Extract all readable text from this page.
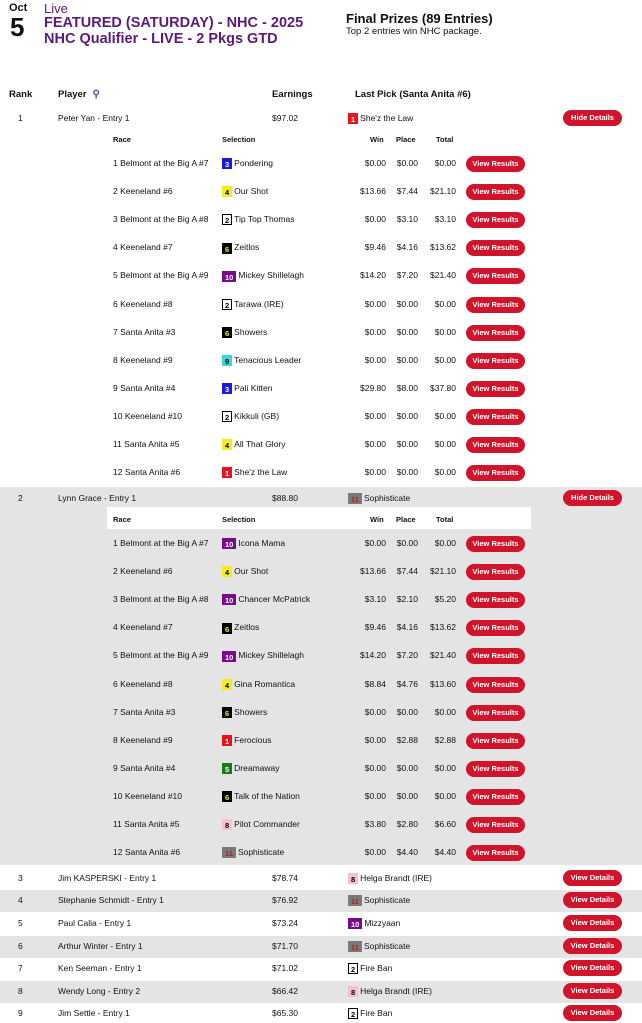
Oct
5
Live
FEATURED (SATURDAY) - NHC - 2025 NHC Qualifier - LIVE - 2 Pkgs GTD
Final Prizes (89 Entries)
Top 2 entries win NHC package.
Rank	Player ⚲	Earnings	Last Pick (Santa Anita #6)
1	Peter Yan - Entry 1	$97.02	1 She'z the Law	Hide Details
Race	Selection	Win Place	Total
1 Belmont at the Big A #7	3 Pondering	$0.00 $0.00 $0.00	View Results
2 Keeneland #6	4 Our Shot	$13.66 $7.44 $21.10	View Results
3 Belmont at the Big A #8	2 Tip Top Thomas	$0.00 $3.10 $3.10	View Results
4 Keeneland #7	6 Zeitlos	$9.46 $4.16 $13.62	View Results
5 Belmont at the Big A #9	10 Mickey Shillelagh	$14.20 $7.20 $21.40	View Results
6 Keeneland #8	2 Tarawa (IRE)	$0.00 $0.00 $0.00	View Results
7 Santa Anita #3	6 Showers	$0.00 $0.00 $0.00	View Results
8 Keeneland #9	9 Tenacious Leader	$0.00 $0.00 $0.00	View Results
9 Santa Anita #4	3 Pali Kitten	$29.80 $8.00 $37.80	View Results
10 Keeneland #10	2 Kikkuli (GB)	$0.00 $0.00 $0.00	View Results
11 Santa Anita #5	4 All That Glory	$0.00 $0.00 $0.00	View Results
12 Santa Anita #6	1 She'z the Law	$0.00 $0.00 $0.00	View Results
2	Lynn Grace - Entry 1	$88.80	11 Sophisticate	Hide Details
Race	Selection	Win Place	Total
1 Belmont at the Big A #7	10 Icona Mama	$0.00 $0.00 $0.00	View Results
2 Keeneland #6	4 Our Shot	$13.66 $7.44 $21.10	View Results
3 Belmont at the Big A #8	10 Chancer McPatrick	$3.10 $2.10 $5.20	View Results
4 Keeneland #7	6 Zeitlos	$9.46 $4.16 $13.62	View Results
5 Belmont at the Big A #9	10 Mickey Shillelagh	$14.20 $7.20 $21.40	View Results
6 Keeneland #8	4 Gina Romantica	$8.84 $4.76 $13.60	View Results
7 Santa Anita #3	6 Showers	$0.00 $0.00 $0.00	View Results
8 Keeneland #9	1 Ferocious	$0.00 $2.88 $2.88	View Results
9 Santa Anita #4	5 Dreamaway	$0.00 $0.00 $0.00	View Results
10 Keeneland #10	6 Talk of the Nation	$0.00 $0.00 $0.00	View Results
11 Santa Anita #5	8 Pilot Commander	$3.80 $2.80 $6.60	View Results
12 Santa Anita #6	11 Sophisticate	$0.00 $4.40 $4.40	View Results
3	Jim KASPERSKI - Entry 1	$78.74	8 Helga Brandt (IRE)	View Details
4	Stephanie Schmidt - Entry 1	$76.92	11 Sophisticate	View Details
5	Paul Calia - Entry 1	$73.24	10 Mizzyaan	View Details
6	Arthur Winter - Entry 1	$71.70	11 Sophisticate	View Details
7	Ken Seeman - Entry 1	$71.02	2 Fire Ban	View Details
8	Wendy Long - Entry 2	$66.42	8 Helga Brandt (IRE)	View Details
9	Jim Settle - Entry 1	$65.30	2 Fire Ban	View Details
